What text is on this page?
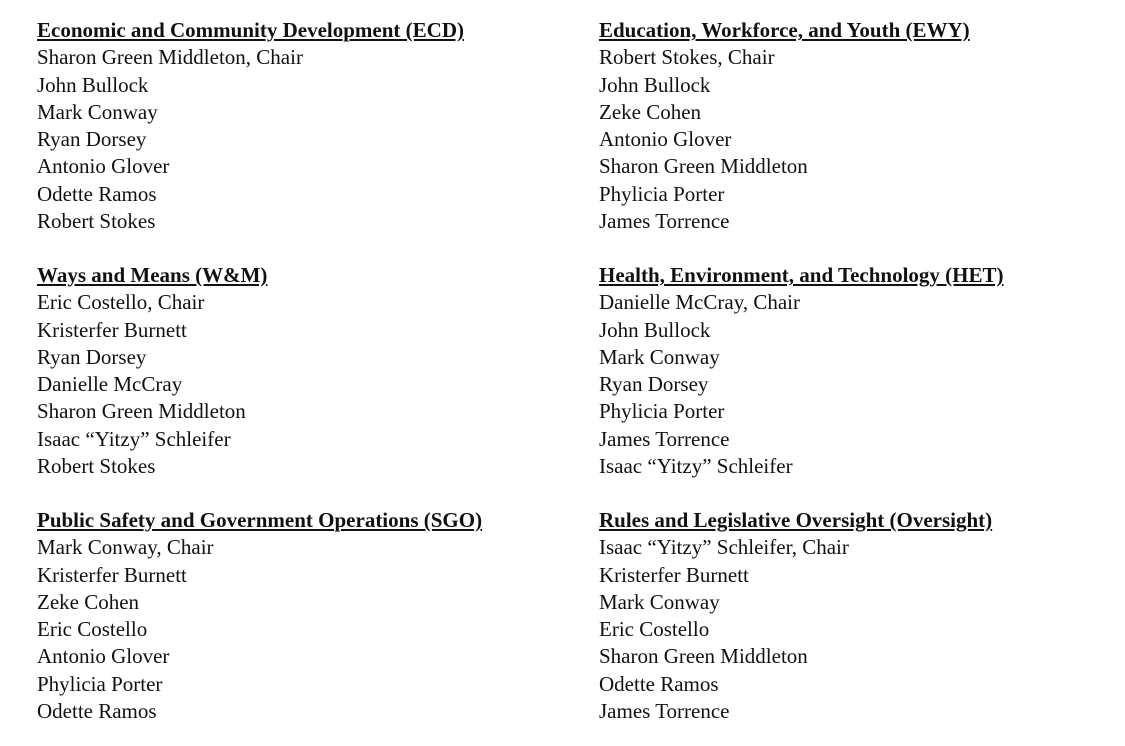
Economic and Community Development (ECD)
Sharon Green Middleton, Chair
John Bullock
Mark Conway
Ryan Dorsey
Antonio Glover
Odette Ramos
Robert Stokes
Education, Workforce, and Youth (EWY)
Robert Stokes, Chair
John Bullock
Zeke Cohen
Antonio Glover
Sharon Green Middleton
Phylicia Porter
James Torrence
Ways and Means (W&M)
Eric Costello, Chair
Kristerfer Burnett
Ryan Dorsey
Danielle McCray
Sharon Green Middleton
Isaac “Yitzy” Schleifer
Robert Stokes
Health, Environment, and Technology (HET)
Danielle McCray, Chair
John Bullock
Mark Conway
Ryan Dorsey
Phylicia Porter
James Torrence
Isaac “Yitzy” Schleifer
Public Safety and Government Operations (SGO)
Mark Conway, Chair
Kristerfer Burnett
Zeke Cohen
Eric Costello
Antonio Glover
Phylicia Porter
Odette Ramos
Rules and Legislative Oversight (Oversight)
Isaac “Yitzy” Schleifer, Chair
Kristerfer Burnett
Mark Conway
Eric Costello
Sharon Green Middleton
Odette Ramos
James Torrence
